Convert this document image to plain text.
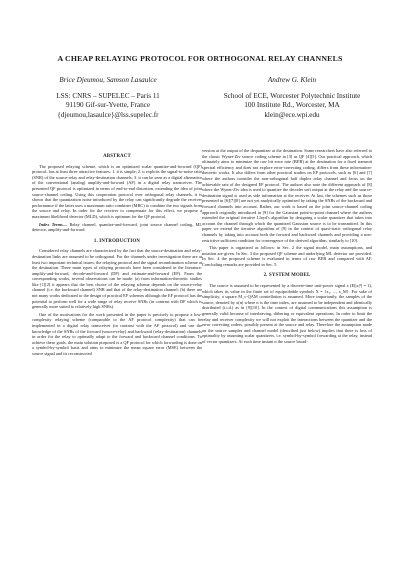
A CHEAP RELAYING PROTOCOL FOR ORTHOGONAL RELAY CHANNELS
Brice Djeumou, Samson Lasaulce
LSS: CNRS – SUPELEC – Paris 11
91190 Gif-sur-Yvette, France
{djeumou,lasaulce}@lss.supelec.fr
Andrew G. Klein
School of ECE, Worcester Polytechnic Institute
100 Institute Rd., Worcester, MA
klein@ece.wpi.edu
ABSTRACT

The proposed relaying scheme, which is an optimized scalar quantize-and-forward (QF) protocol, has at least three attractive features: 1. it is simple; 2. it exploits the signal-to-noise ratio (SNR) of the source-relay and relay-destination channels; 3. it can be seen as a digital alternative of the conventional (analog) amplify-and-forward (AF) in a digital relay transceiver. The presented QF protocol is optimized in terms of end-to-end distortion, extending the idea of joint source-channel coding. Using this cooperation protocol over orthogonal relay channels, it is shown that the quantization noise introduced by the relay can significantly degrade the receiver performance if the latter uses a maximum ratio combiner (MRC) to combine the two signals from the source and relay. In order for the receiver to compensate for this effect, we propose a maximum likelihood detector (MLD), which is optimum for the QF protocol.

Index Terms— Relay channel, quantize-and-forward, joint source channel coding, ML detector, amplify-and-forward.

1. INTRODUCTION

Considered relay channels are characterized by the fact that the source-destination and relay-destination links are assumed to be orthogonal. For the channels under investigation there are at least two important technical issues: the relaying protocol and the signal recombination scheme at the destination. Three main types of relaying protocols have been considered in the literature: amplify-and-forward, decode-and-forward (DF) and estimate-and-forward (EF). From the corresponding works, several observations can be made: (a) from information-theoretic studies like [1][2] it appears that the best choice of the relaying scheme depends on the source-relay channel (i.e. the backward channel) SNR and that of the relay-destination channel; (b) there are not many works dedicated to the design of practical EF schemes although the EF protocol has the potential to perform well for a wide range of relay receive SNRs (in contrast with DF which is generally more suited to relatively high SNRs).

One of the motivations for the work presented in the paper is precisely to propose a low-complexity relaying scheme (comparable to the AF protocol complexity) that can be implemented in a digital relay transceiver (in contrast with the AF protocol) and use the knowledge of the SNRs of the forward (source-relay) and backward (relay-destination) channels in order for the relay to optimally adapt to the forward and backward channel conditions. To achieve these goals, the main solution proposed is a QF protocol for which forwarding is done on a symbol-by-symbol basis and aims to minimize the mean square error (MSE) between the source signal and its reconstructed

version at the output of the dequantizer at the destination. Some researchers have also referred to the classic Wyner-Ziv source coding scheme in [3] as QF [4][5]. Our practical approach, which ultimately aims to minimize the raw bit error rate (BER) at the destination for a fixed transmit spectral efficiency and does not explore error-correcting coding, differs from these information-theoretic works. It also differs from other practical studies on EF protocols, such as [6] and [7] where the authors consider the non-orthogonal half duplex relay channel and focus on the achievable rate of the designed EF protocol. The authors also note the different approach of [8] where the Wyner-Ziv idea is used to quantize the decoder soft output at the relay and the source-destination signal is used as side information at the receiver. At last, the schemes such as those presented in [6][7][8] are not yet analytically optimized by taking the SNRs of the backward and forward channels into account. Rather, our work is based on the joint source-channel coding approach originally introduced in [9] for the Gaussian point-to-point channel where the authors extended the original iterative Lloyd's algorithm by designing a scalar quantizer that takes into account the channel through which the quantized Gaussian source is to be transmitted. In this paper we extend the iterative algorithm of [9] in the context of quasi-static orthogonal relay channels by taking into account both the forward and backward channels and providing a non-restrictive sufficient condition for convergence of the derived algorithm, similarly to [10].

This paper is organized as follows: in Sec. 2 the signal model, main assumptions, and notation are given. In Sec. 3 the proposed QF scheme and underlying ML detector are provided. In Sec. 4 the proposed scheme is evaluated in terms of raw BER and compared with AF. Concluding remarks are provided in Sec. 5.

2. SYSTEM MODEL

The source is assumed to be represented by a discrete-time unit-power signal x (E[|x|²] = 1), which takes its value in the finite set of equiprobable symbols X = {x₁, ..., x_M}. For sake of simplicity, a square M_c-QAM constellation is assumed. More importantly, the samples of the source, denoted by x(n) where n is the time index, are assumed to be independent and identically distributed (i.i.d.) as in [9][10]. In the context of digital communications this assumption is generally valid because of interleaving, dithering or equivalent operations. In order to limit the relay and receiver complexity we will not exploit the interactions between the quantizer and the error correcting coders, possibly present at the source and relay. Therefore the assumption made on the source samples and channel model (described just below) implies that there is loss of optimality by assuming scalar quantizers, i.e. symbol-by-symbol forwarding at the relay, instead of vector quantizers. At each time instant n the source broad-
